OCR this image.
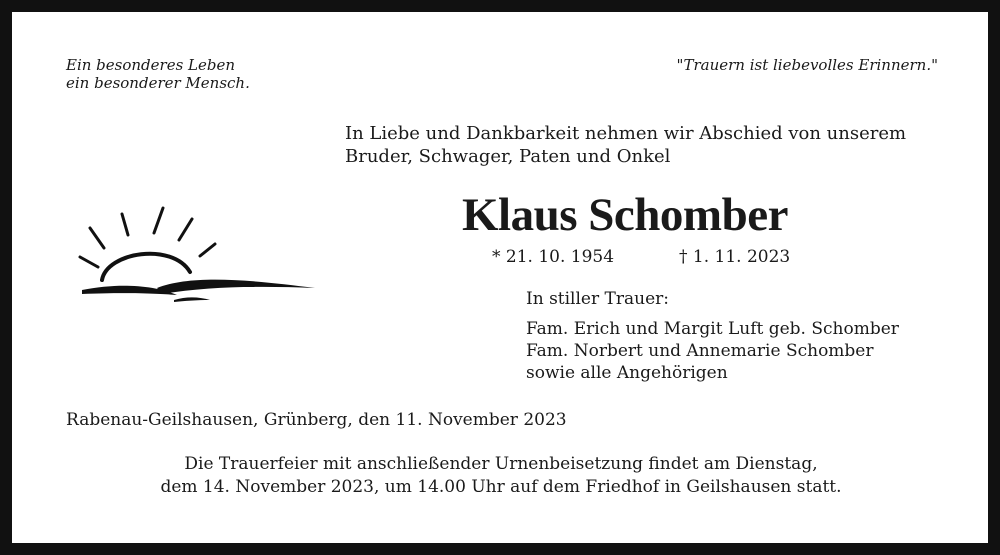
Ein besonderes Leben
ein besonderer Mensch.
"Trauern ist liebevolles Erinnern."
In Liebe und Dankbarkeit nehmen wir Abschied von unserem
Bruder, Schwager, Paten und Onkel
Klaus Schomber
* 21. 10. 1954	† 1. 11. 2023
In stiller Trauer:
Fam. Erich und Margit Luft geb. Schomber
Fam. Norbert und Annemarie Schomber
sowie alle Angehörigen
Rabenau-Geilshausen, Grünberg, den 11. November 2023
Die Trauerfeier mit anschließender Urnenbeisetzung findet am Dienstag,
dem 14. November 2023, um 14.00 Uhr auf dem Friedhof in Geilshausen statt.
